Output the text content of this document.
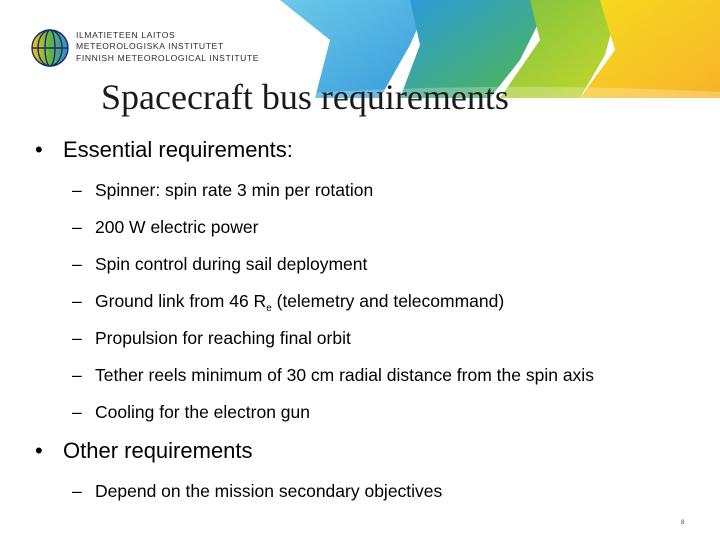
ILMATIETEEN LAITOS
METEOROLOGISKA INSTITUTET
FINNISH METEOROLOGICAL INSTITUTE
Spacecraft bus requirements
• Essential requirements:
– Spinner: spin rate 3 min per rotation
– 200 W electric power
– Spin control during sail deployment
– Ground link from 46 $R_e$ (telemetry and telecommand)
– Propulsion for reaching final orbit
– Tether reels minimum of 30 cm radial distance from the spin axis
– Cooling for the electron gun
• Other requirements
– Depend on the mission secondary objectives
8
